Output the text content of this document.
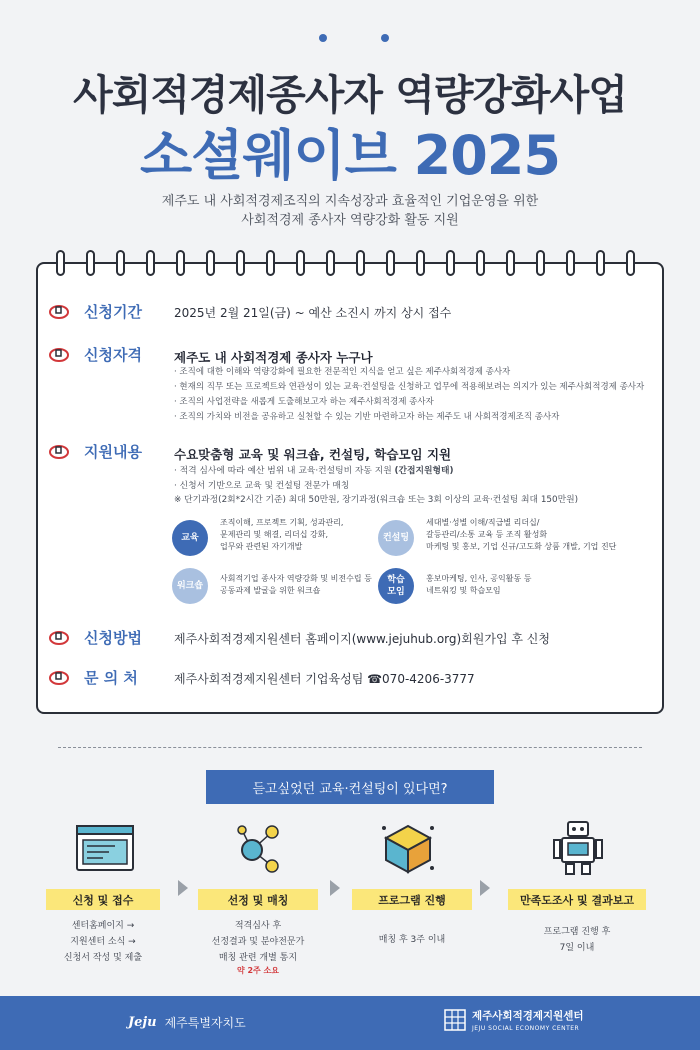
사회적경제종사자 역량강화사업
소셜웨이브 2025
제주도 내 사회적경제조직의 지속성장과 효율적인 기업운영을 위한
사회적경제 종사자 역량강화 활동 지원
신청기간	2025년 2월 21일(금) ~ 예산 소진시 까지 상시 접수
신청자격	제주도 내 사회적경제 종사자 누구나
· 조직에 대한 이해와 역량강화에 필요한 전문적인 지식을 얻고 싶은 제주사회적경제 종사자
· 현재의 직무 또는 프로젝트와 연관성이 있는 교육·컨설팅을 신청하고 업무에 적용해보려는 의지가 있는 제주사회적경제 종사자
· 조직의 사업전략을 새롭게 도출해보고자 하는 제주사회적경제 종사자
· 조직의 가치와 비전을 공유하고 실천할 수 있는 기반 마련하고자 하는 제주도 내 사회적경제조직 종사자
지원내용	수요맞춤형 교육 및 워크숍, 컨설팅, 학습모임 지원
· 적격 심사에 따라 예산 범위 내 교육·컨설팅비 자동 지원 (간접지원형태)
· 신청서 기반으로 교육 및 컨설팅 전문가 매칭
※ 단기과정(2회*2시간 기준) 최대 50만원, 장기과정(워크숍 또는 3회 이상의 교육·컨설팅 최대 150만원)
교육
조직이해, 프로젝트 기획, 성과관리,
문제관리 및 해결, 리더십 강화,
업무와 관련된 자기개발
컨설팅
세대별·성별 이해/직급별 리더십/
갈등관리/소통 교육 등 조직 활성화
마케팅 및 홍보, 기업 신규/고도화 상품 개발, 기업 진단
워크숍
사회적기업 종사자 역량강화 및 비전수립 등
공동과제 발굴을 위한 워크숍
학습
모임
홍보마케팅, 인사, 공익활동 등
네트워킹 및 학습모임
신청방법	제주사회적경제지원센터 홈페이지(www.jejuhub.org)회원가입 후 신청
문 의 처	제주사회적경제지원센터 기업육성팀 ☎070-4206-3777
듣고싶었던 교육·컨설팅이 있다면?
신청 및 접수	선정 및 매칭	프로그램 진행	만족도조사 및 결과보고
센터홈페이지 →
지원센터 소식 →
신청서 작성 및 제출
적격심사 후
선정결과 및 분야전문가
매칭 관련 개별 통지
약 2주 소요
매칭 후 3주 이내
프로그램 진행 후
7일 이내
Jeju 제주특별자치도	제주사회적경제지원센터
JEJU SOCIAL ECONOMY CENTER
